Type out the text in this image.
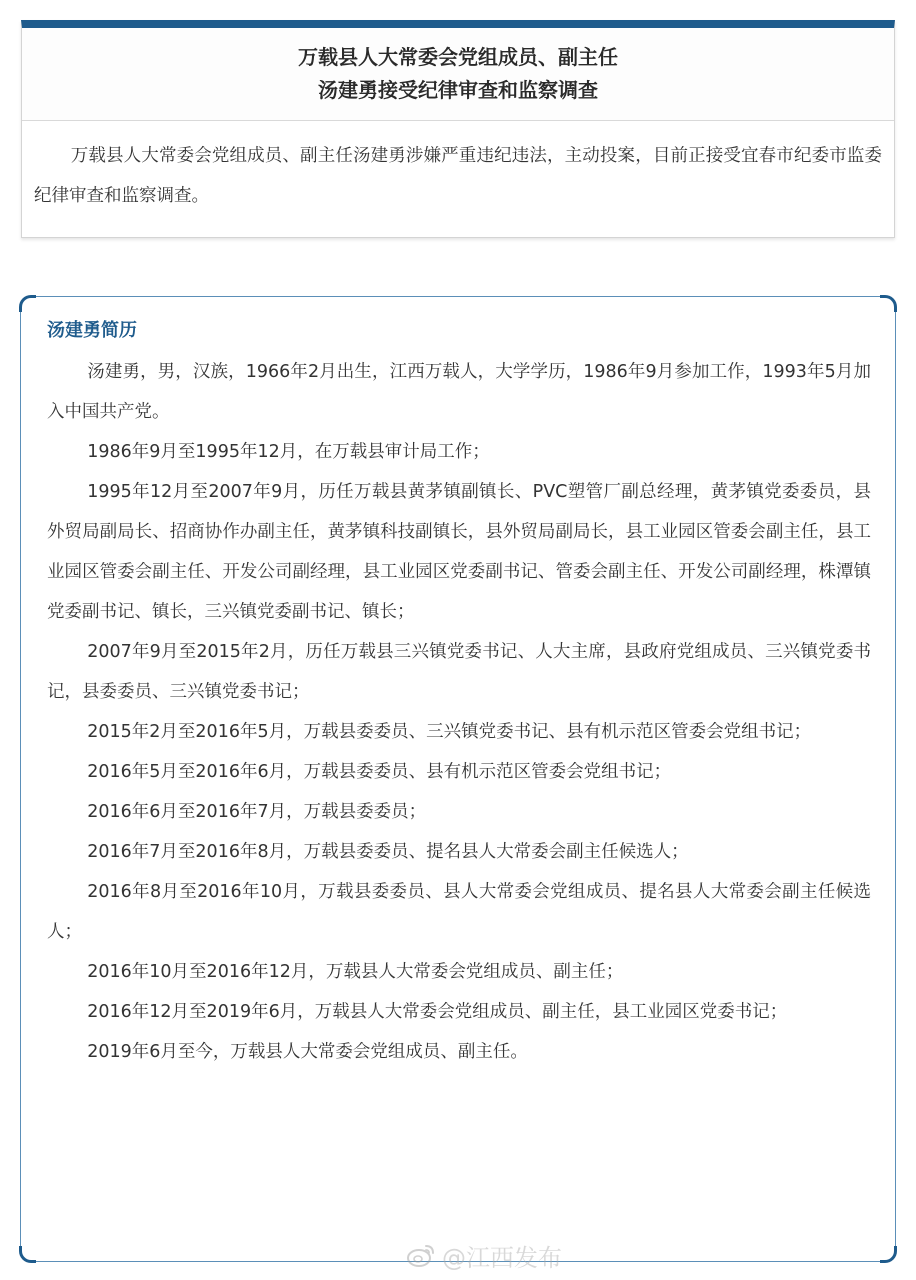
万载县人大常委会党组成员、副主任
汤建勇接受纪律审查和监察调查
万载县人大常委会党组成员、副主任汤建勇涉嫌严重违纪违法，主动投案，目前正接受宜春市纪委市监委纪律审查和监察调查。
汤建勇简历
汤建勇，男，汉族，1966年2月出生，江西万载人，大学学历，1986年9月参加工作，1993年5月加入中国共产党。
1986年9月至1995年12月，在万载县审计局工作；
1995年12月至2007年9月，历任万载县黄茅镇副镇长、PVC塑管厂副总经理，黄茅镇党委委员，县外贸局副局长、招商协作办副主任，黄茅镇科技副镇长，县外贸局副局长，县工业园区管委会副主任，县工业园区管委会副主任、开发公司副经理，县工业园区党委副书记、管委会副主任、开发公司副经理，株潭镇党委副书记、镇长，三兴镇党委副书记、镇长；
2007年9月至2015年2月，历任万载县三兴镇党委书记、人大主席，县政府党组成员、三兴镇党委书记，县委委员、三兴镇党委书记；
2015年2月至2016年5月，万载县委委员、三兴镇党委书记、县有机示范区管委会党组书记；
2016年5月至2016年6月，万载县委委员、县有机示范区管委会党组书记；
2016年6月至2016年7月，万载县委委员；
2016年7月至2016年8月，万载县委委员、提名县人大常委会副主任候选人；
2016年8月至2016年10月，万载县委委员、县人大常委会党组成员、提名县人大常委会副主任候选人；
2016年10月至2016年12月，万载县人大常委会党组成员、副主任；
2016年12月至2019年6月，万载县人大常委会党组成员、副主任，县工业园区党委书记；
2019年6月至今，万载县人大常委会党组成员、副主任。
@江西发布
